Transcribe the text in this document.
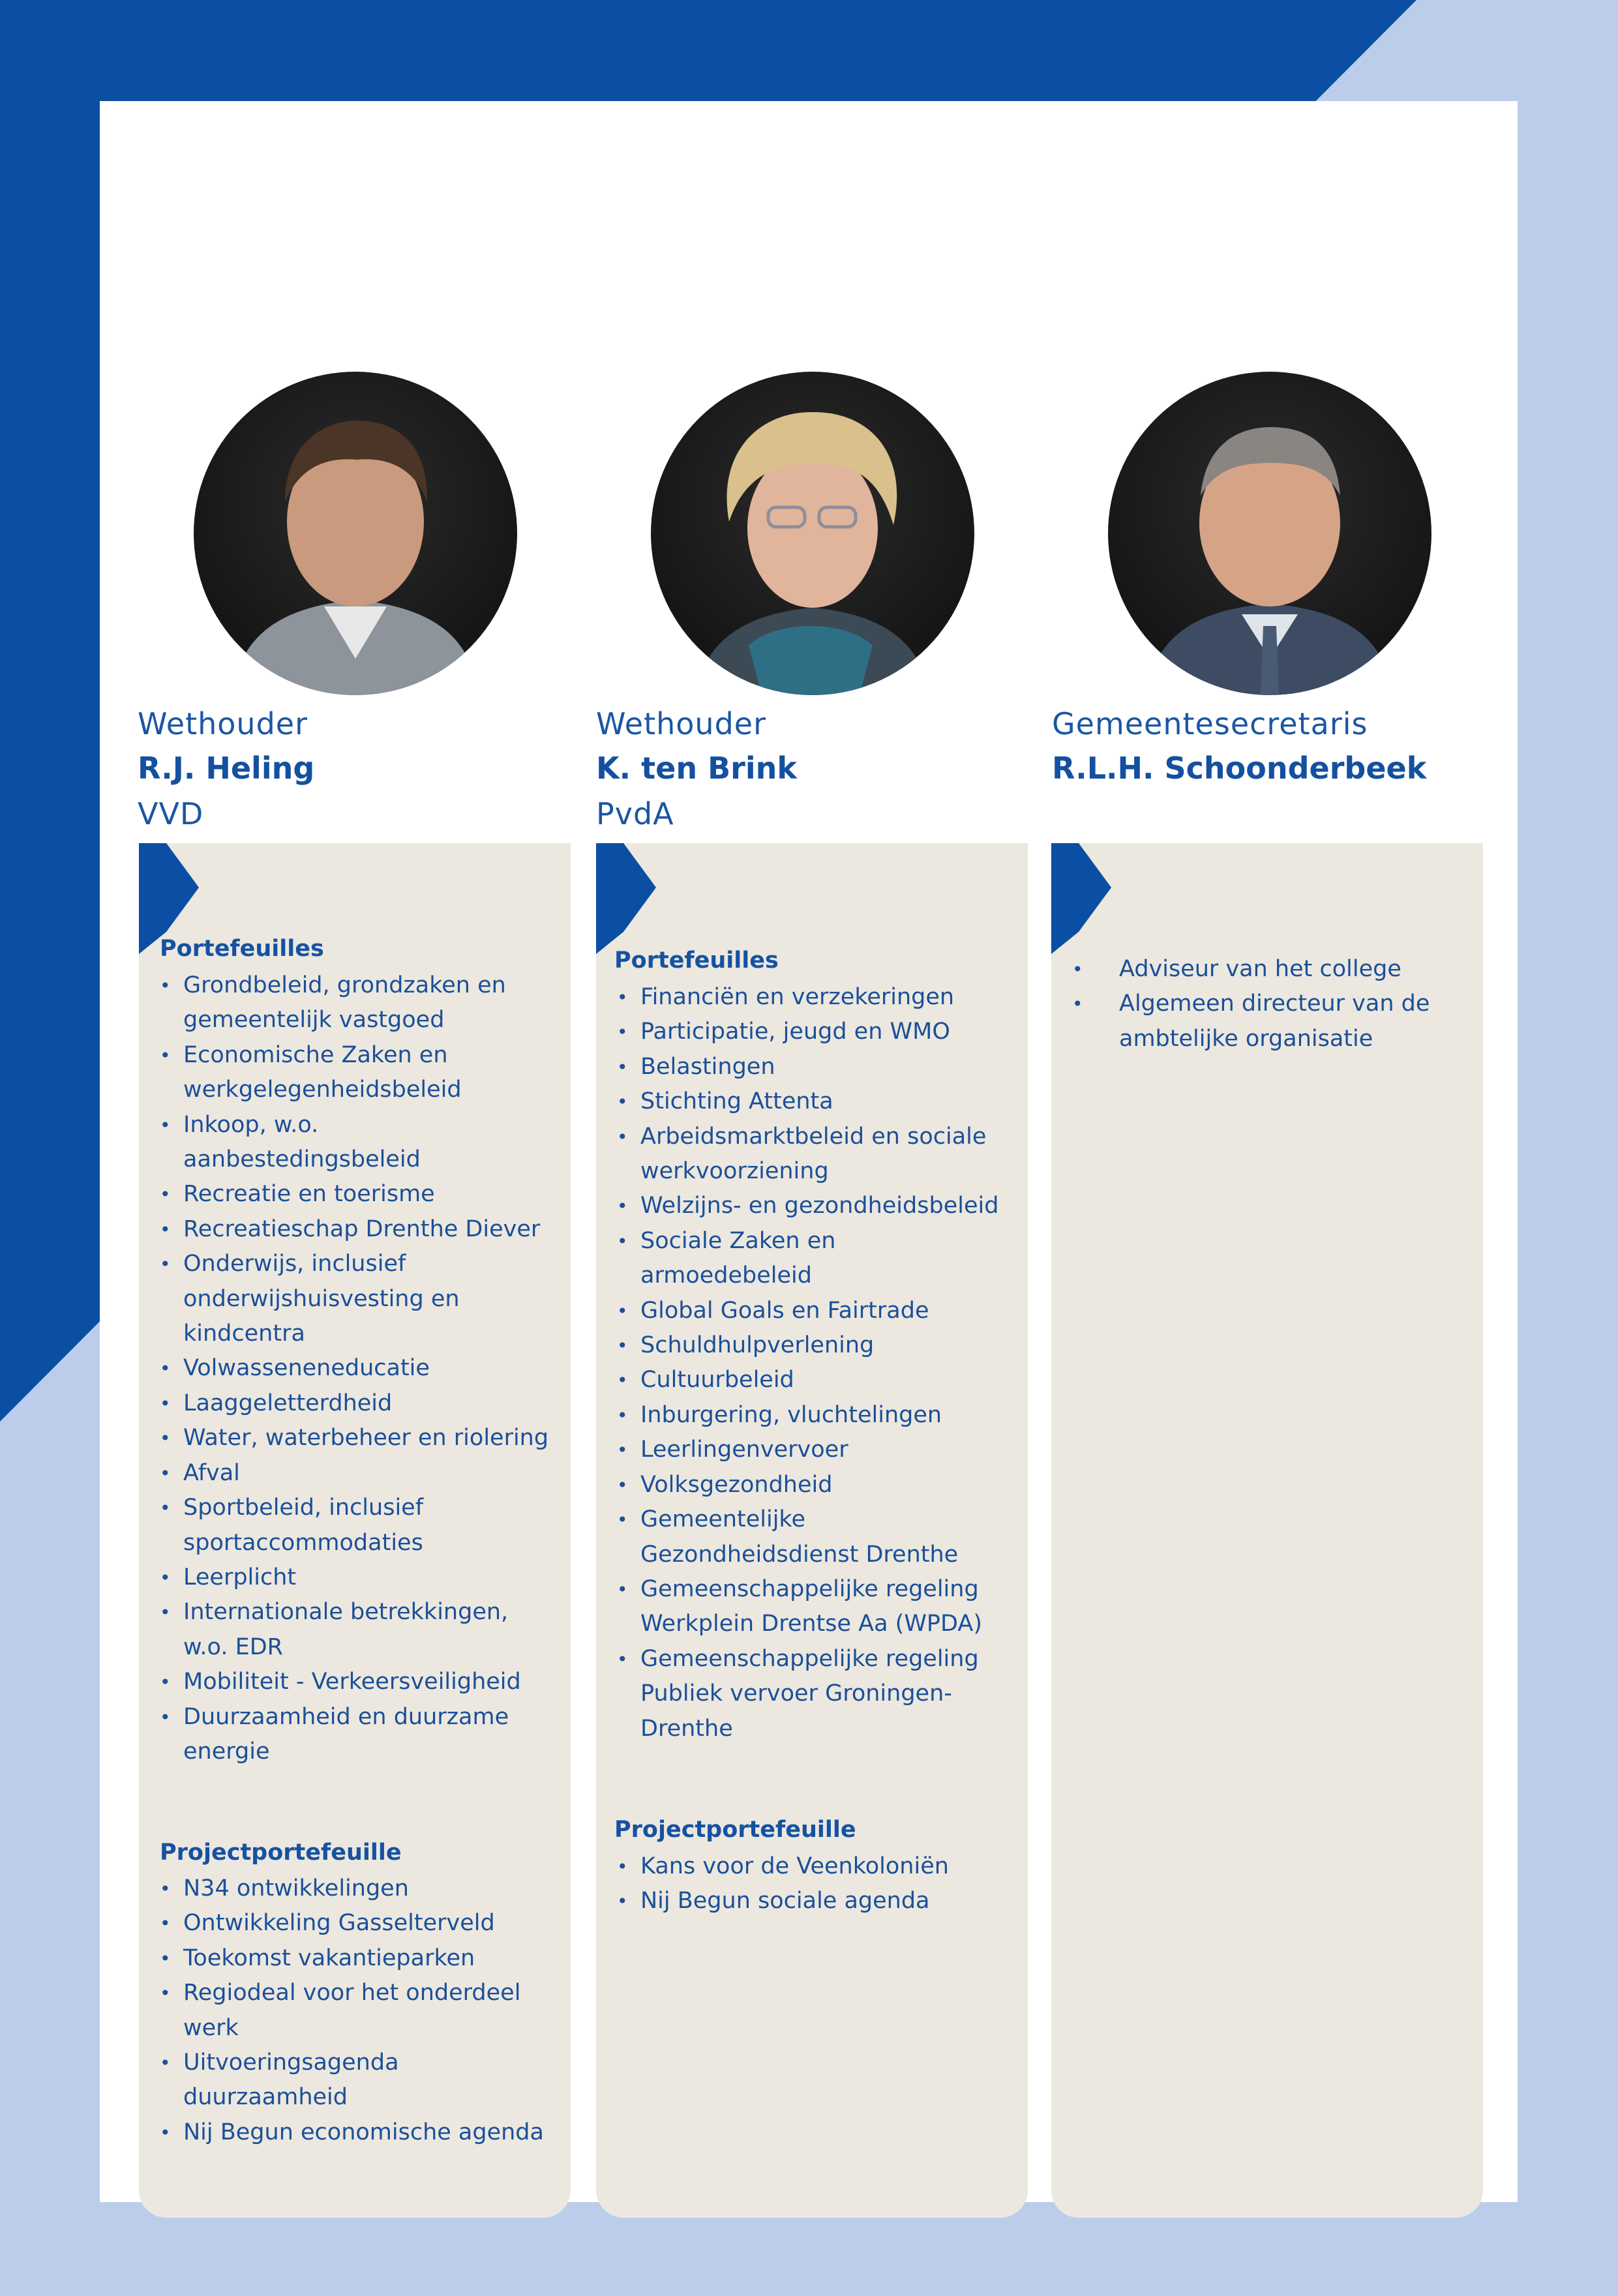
Wethouder
R.J. Heling
VVD
Portefeuilles
• Grondbeleid, grondzaken en gemeentelijk vastgoed
• Economische Zaken en werkgelegenheidsbeleid
• Inkoop, w.o. aanbestedingsbeleid
• Recreatie en toerisme
• Recreatieschap Drenthe Diever
• Onderwijs, inclusief onderwijshuisvesting en kindcentra
• Volwasseneneducatie
• Laaggeletterdheid
• Water, waterbeheer en riolering
• Afval
• Sportbeleid, inclusief sportaccommodaties
• Leerplicht
• Internationale betrekkingen, w.o. EDR
• Mobiliteit - Verkeersveiligheid
• Duurzaamheid en duurzame energie
Projectportefeuille
• N34 ontwikkelingen
• Ontwikkeling Gasselterveld
• Toekomst vakantieparken
• Regiodeal voor het onderdeel werk
• Uitvoeringsagenda duurzaamheid
• Nij Begun economische agenda
Wethouder
K. ten Brink
PvdA
Portefeuilles
• Financiën en verzekeringen
• Participatie, jeugd en WMO
• Belastingen
• Stichting Attenta
• Arbeidsmarktbeleid en sociale werkvoorziening
• Welzijns- en gezondheidsbeleid
• Sociale Zaken en armoedebeleid
• Global Goals en Fairtrade
• Schuldhulpverlening
• Cultuurbeleid
• Inburgering, vluchtelingen
• Leerlingenvervoer
• Volksgezondheid
• Gemeentelijke Gezondheidsdienst Drenthe
• Gemeenschappelijke regeling Werkplein Drentse Aa (WPDA)
• Gemeenschappelijke regeling Publiek vervoer Groningen-Drenthe
Projectportefeuille
• Kans voor de Veenkoloniën
• Nij Begun sociale agenda
Gemeentesecretaris
R.L.H. Schoonderbeek
• Adviseur van het college
• Algemeen directeur van de ambtelijke organisatie
